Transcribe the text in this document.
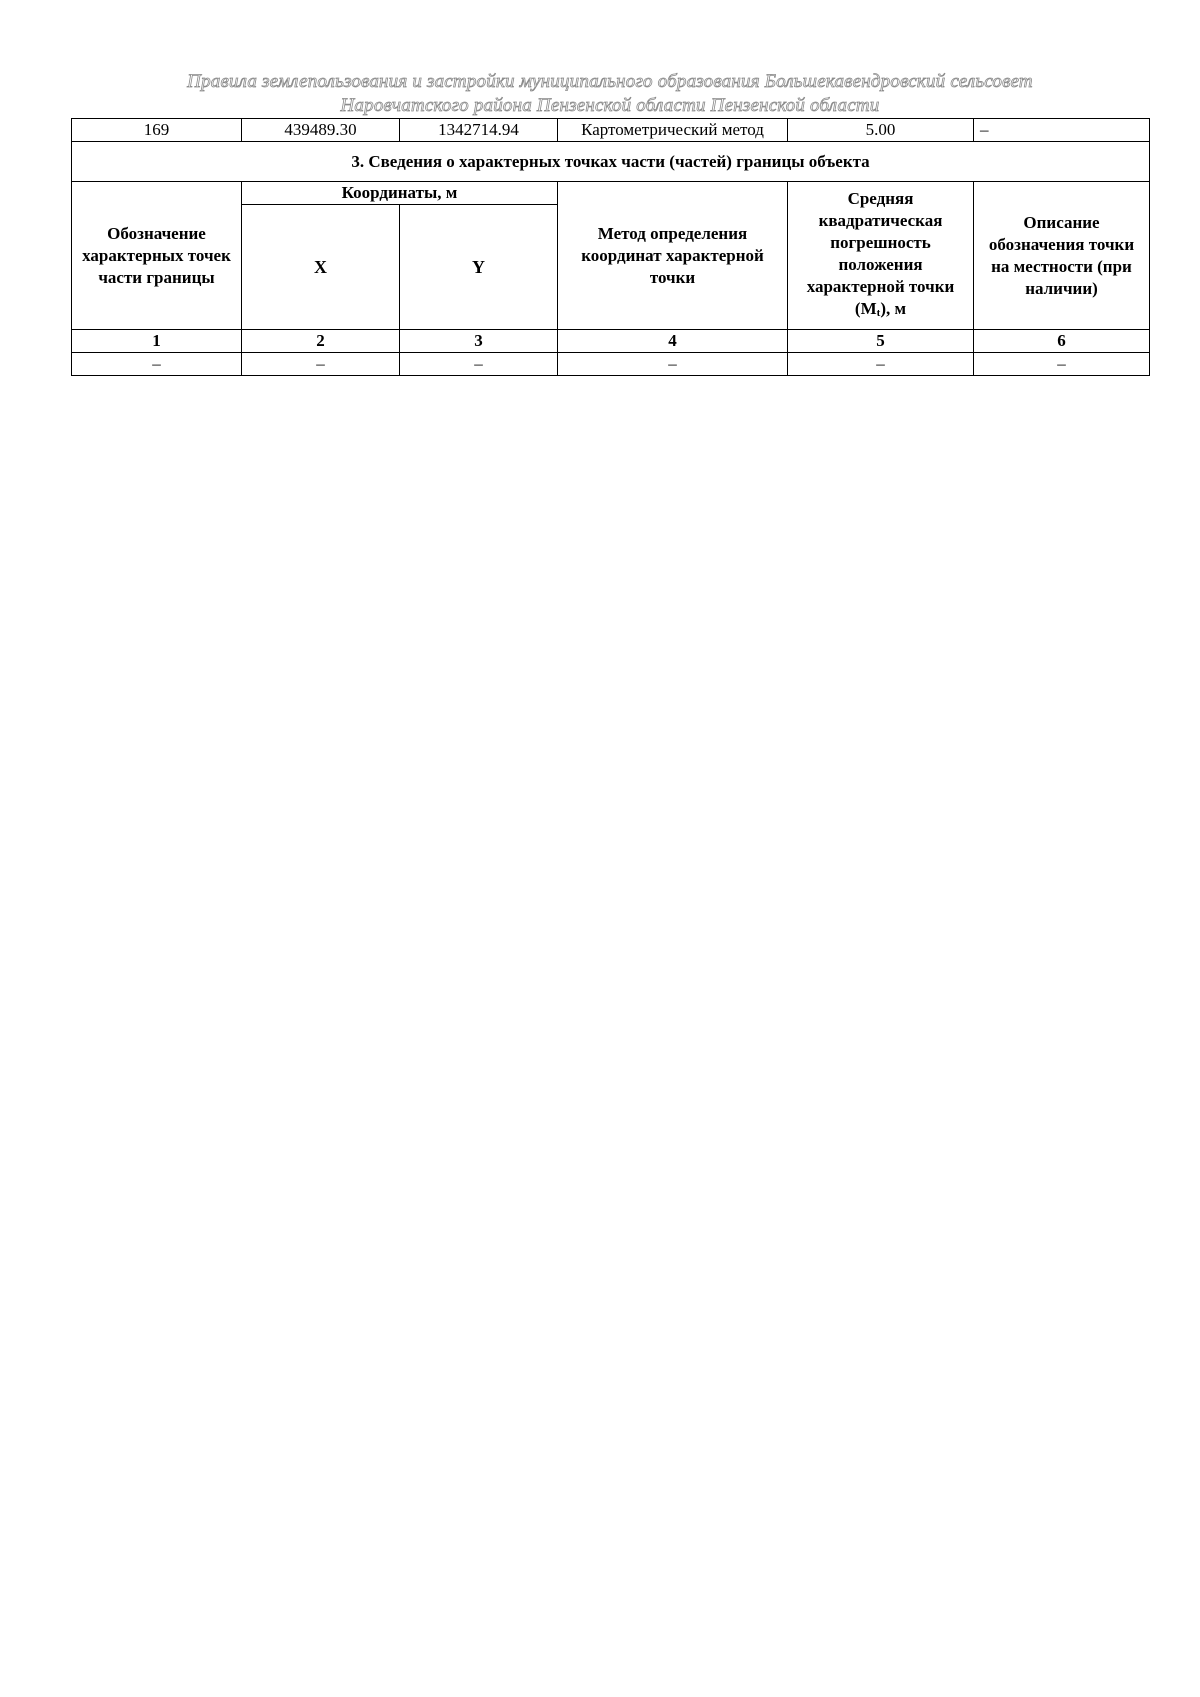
Правила землепользования и застройки муниципального образования Большекавендровский сельсовет
Наровчатского района Пензенской области Пензенской области
169	439489.30	1342714.94	Картометрический метод	5.00	–
3. Сведения о характерных точках части (частей) границы объекта					
Обозначение характерных точек части границы	Координаты, м		Метод определения координат характерной точки	Средняя квадратическая погрешность положения характерной точки $(M_t)$, м	Описание обозначения точки на местности (при наличии)
	X	Y			
1	2	3	4	5	6
–	–	–	–	–	–
